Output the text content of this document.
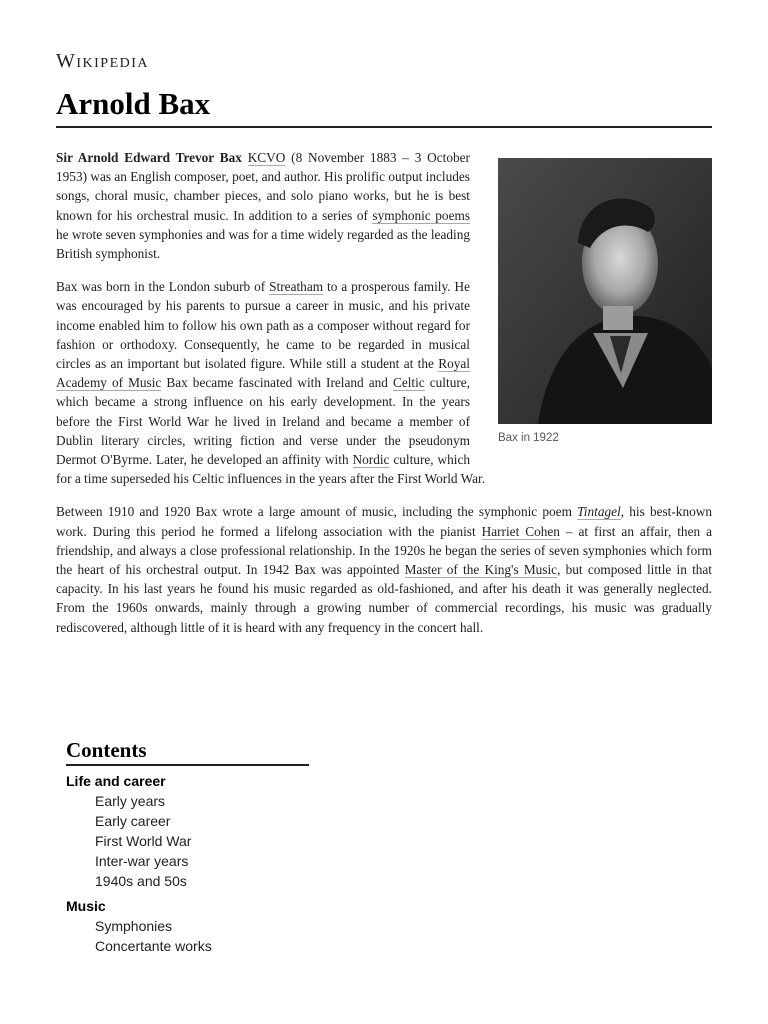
Wikipedia
Arnold Bax
Bax in 1922

Sir Arnold Edward Trevor Bax KCVO (8 November 1883 – 3 October 1953) was an English composer, poet, and author. His prolific output includes songs, choral music, chamber pieces, and solo piano works, but he is best known for his orchestral music. In addition to a series of symphonic poems he wrote seven symphonies and was for a time widely regarded as the leading British symphonist.

Bax was born in the London suburb of Streatham to a prosperous family. He was encouraged by his parents to pursue a career in music, and his private income enabled him to follow his own path as a composer without regard for fashion or orthodoxy. Consequently, he came to be regarded in musical circles as an important but isolated figure. While still a student at the Royal Academy of Music Bax became fascinated with Ireland and Celtic culture, which became a strong influence on his early development. In the years before the First World War he lived in Ireland and became a member of Dublin literary circles, writing fiction and verse under the pseudonym Dermot O'Byrme. Later, he developed an affinity with Nordic culture, which for a time superseded his Celtic influences in the years after the First World War.

Between 1910 and 1920 Bax wrote a large amount of music, including the symphonic poem Tintagel, his best-known work. During this period he formed a lifelong association with the pianist Harriet Cohen – at first an affair, then a friendship, and always a close professional relationship. In the 1920s he began the series of seven symphonies which form the heart of his orchestral output. In 1942 Bax was appointed Master of the King's Music, but composed little in that capacity. In his last years he found his music regarded as old-fashioned, and after his death it was generally neglected. From the 1960s onwards, mainly through a growing number of commercial recordings, his music was gradually rediscovered, although little of it is heard with any frequency in the concert hall.

Contents
Life and career
Early years
Early career
First World War
Inter-war years
1940s and 50s
Music
Symphonies
Concertante works
